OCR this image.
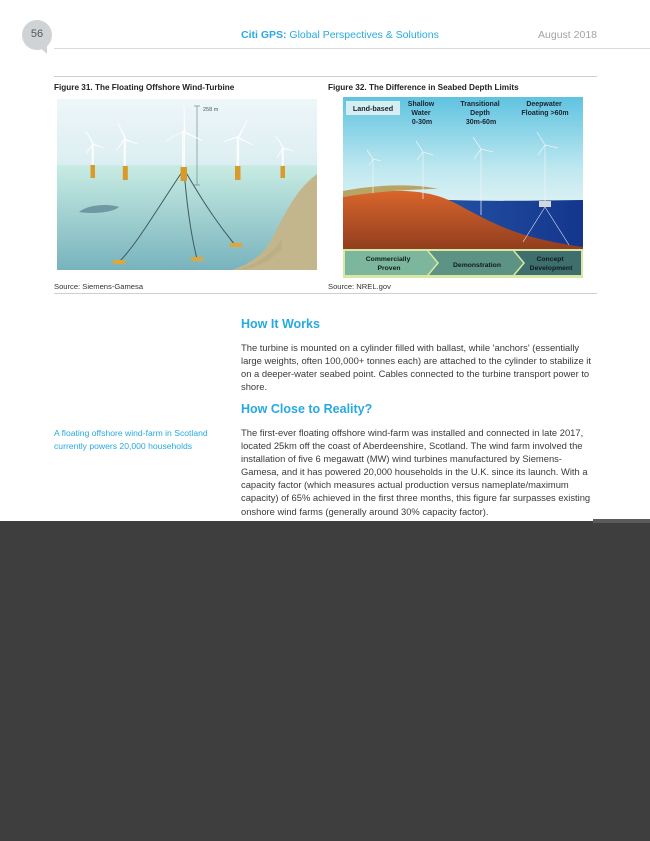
56	Citi GPS: Global Perspectives & Solutions	August 2018
Figure 31. The Floating Offshore Wind-Turbine
258 m
Source: Siemens-Gamesa
Figure 32. The Difference in Seabed Depth Limits
Land-based Shallow Water 0-30m
Transitional Depth 30m-60m
Deepwater Floating >60m
Commercially Proven	Demonstration
Concept Development
Source: NREL.gov
How It Works

The turbine is mounted on a cylinder filled with ballast, while 'anchors' (essentially large weights, often 100,000+ tonnes each) are attached to the cylinder to stabilize it on a deeper-water seabed point. Cables connected to the turbine transport power to shore.

How Close to Reality?

The first-ever floating offshore wind-farm was installed and connected in late 2017, located 25km off the coast of Aberdeenshire, Scotland. The wind farm involved the installation of five 6 megawatt (MW) wind turbines manufactured by Siemens-Gamesa, and it has powered 20,000 households in the U.K. since its launch. With a capacity factor (which measures actual production versus nameplate/maximum capacity) of 65% achieved in the first three months, this figure far surpasses existing onshore wind farms (generally around 30% capacity factor).

A floating offshore wind-farm in Scotland currently powers 20,000 households
